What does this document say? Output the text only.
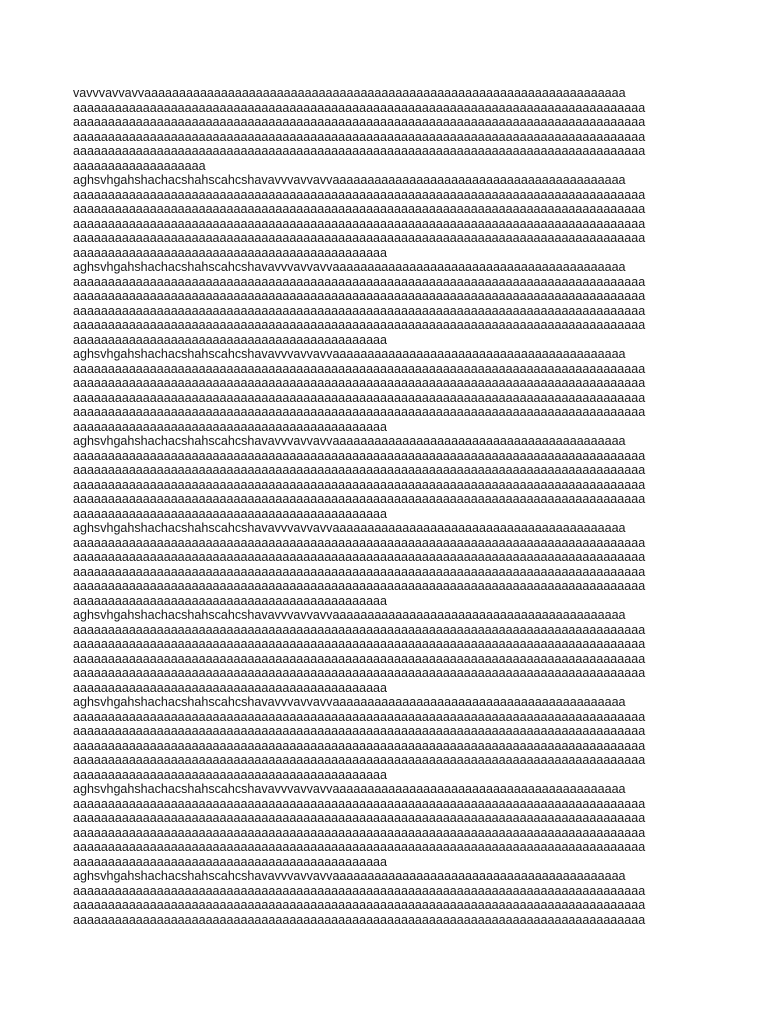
vavvvavvavvaaaaaaaaaaaaaaaaaaaaaaaaaaaaaaaaaaaaaaaaaaaaaaaaaaaaaaaaaaaaaaaaaaaaa
aaaaaaaaaaaaaaaaaaaaaaaaaaaaaaaaaaaaaaaaaaaaaaaaaaaaaaaaaaaaaaaaaaaaaaaaaaaaaaaaaa
aaaaaaaaaaaaaaaaaaaaaaaaaaaaaaaaaaaaaaaaaaaaaaaaaaaaaaaaaaaaaaaaaaaaaaaaaaaaaaaaaa
aaaaaaaaaaaaaaaaaaaaaaaaaaaaaaaaaaaaaaaaaaaaaaaaaaaaaaaaaaaaaaaaaaaaaaaaaaaaaaaaaa
aaaaaaaaaaaaaaaaaaaaaaaaaaaaaaaaaaaaaaaaaaaaaaaaaaaaaaaaaaaaaaaaaaaaaaaaaaaaaaaaaa
aaaaaaaaaaaaaaaaaaa
aghsvhgahshachacshahscahcshavavvvavvavvaaaaaaaaaaaaaaaaaaaaaaaaaaaaaaaaaaaaaaaaaa
aaaaaaaaaaaaaaaaaaaaaaaaaaaaaaaaaaaaaaaaaaaaaaaaaaaaaaaaaaaaaaaaaaaaaaaaaaaaaaaaaa
aaaaaaaaaaaaaaaaaaaaaaaaaaaaaaaaaaaaaaaaaaaaaaaaaaaaaaaaaaaaaaaaaaaaaaaaaaaaaaaaaa
aaaaaaaaaaaaaaaaaaaaaaaaaaaaaaaaaaaaaaaaaaaaaaaaaaaaaaaaaaaaaaaaaaaaaaaaaaaaaaaaaa
aaaaaaaaaaaaaaaaaaaaaaaaaaaaaaaaaaaaaaaaaaaaaaaaaaaaaaaaaaaaaaaaaaaaaaaaaaaaaaaaaa
aaaaaaaaaaaaaaaaaaaaaaaaaaaaaaaaaaaaaaaaaaaaa
aghsvhgahshachacshahscahcshavavvvavvavvaaaaaaaaaaaaaaaaaaaaaaaaaaaaaaaaaaaaaaaaaa
aaaaaaaaaaaaaaaaaaaaaaaaaaaaaaaaaaaaaaaaaaaaaaaaaaaaaaaaaaaaaaaaaaaaaaaaaaaaaaaaaa
aaaaaaaaaaaaaaaaaaaaaaaaaaaaaaaaaaaaaaaaaaaaaaaaaaaaaaaaaaaaaaaaaaaaaaaaaaaaaaaaaa
aaaaaaaaaaaaaaaaaaaaaaaaaaaaaaaaaaaaaaaaaaaaaaaaaaaaaaaaaaaaaaaaaaaaaaaaaaaaaaaaaa
aaaaaaaaaaaaaaaaaaaaaaaaaaaaaaaaaaaaaaaaaaaaaaaaaaaaaaaaaaaaaaaaaaaaaaaaaaaaaaaaaa
aaaaaaaaaaaaaaaaaaaaaaaaaaaaaaaaaaaaaaaaaaaaa
aghsvhgahshachacshahscahcshavavvvavvavvaaaaaaaaaaaaaaaaaaaaaaaaaaaaaaaaaaaaaaaaaa
aaaaaaaaaaaaaaaaaaaaaaaaaaaaaaaaaaaaaaaaaaaaaaaaaaaaaaaaaaaaaaaaaaaaaaaaaaaaaaaaaa
aaaaaaaaaaaaaaaaaaaaaaaaaaaaaaaaaaaaaaaaaaaaaaaaaaaaaaaaaaaaaaaaaaaaaaaaaaaaaaaaaa
aaaaaaaaaaaaaaaaaaaaaaaaaaaaaaaaaaaaaaaaaaaaaaaaaaaaaaaaaaaaaaaaaaaaaaaaaaaaaaaaaa
aaaaaaaaaaaaaaaaaaaaaaaaaaaaaaaaaaaaaaaaaaaaaaaaaaaaaaaaaaaaaaaaaaaaaaaaaaaaaaaaaa
aaaaaaaaaaaaaaaaaaaaaaaaaaaaaaaaaaaaaaaaaaaaa
aghsvhgahshachacshahscahcshavavvvavvavvaaaaaaaaaaaaaaaaaaaaaaaaaaaaaaaaaaaaaaaaaa
aaaaaaaaaaaaaaaaaaaaaaaaaaaaaaaaaaaaaaaaaaaaaaaaaaaaaaaaaaaaaaaaaaaaaaaaaaaaaaaaaa
aaaaaaaaaaaaaaaaaaaaaaaaaaaaaaaaaaaaaaaaaaaaaaaaaaaaaaaaaaaaaaaaaaaaaaaaaaaaaaaaaa
aaaaaaaaaaaaaaaaaaaaaaaaaaaaaaaaaaaaaaaaaaaaaaaaaaaaaaaaaaaaaaaaaaaaaaaaaaaaaaaaaa
aaaaaaaaaaaaaaaaaaaaaaaaaaaaaaaaaaaaaaaaaaaaaaaaaaaaaaaaaaaaaaaaaaaaaaaaaaaaaaaaaa
aaaaaaaaaaaaaaaaaaaaaaaaaaaaaaaaaaaaaaaaaaaaa
aghsvhgahshachacshahscahcshavavvvavvavvaaaaaaaaaaaaaaaaaaaaaaaaaaaaaaaaaaaaaaaaaa
aaaaaaaaaaaaaaaaaaaaaaaaaaaaaaaaaaaaaaaaaaaaaaaaaaaaaaaaaaaaaaaaaaaaaaaaaaaaaaaaaa
aaaaaaaaaaaaaaaaaaaaaaaaaaaaaaaaaaaaaaaaaaaaaaaaaaaaaaaaaaaaaaaaaaaaaaaaaaaaaaaaaa
aaaaaaaaaaaaaaaaaaaaaaaaaaaaaaaaaaaaaaaaaaaaaaaaaaaaaaaaaaaaaaaaaaaaaaaaaaaaaaaaaa
aaaaaaaaaaaaaaaaaaaaaaaaaaaaaaaaaaaaaaaaaaaaaaaaaaaaaaaaaaaaaaaaaaaaaaaaaaaaaaaaaa
aaaaaaaaaaaaaaaaaaaaaaaaaaaaaaaaaaaaaaaaaaaaa
aghsvhgahshachacshahscahcshavavvvavvavvaaaaaaaaaaaaaaaaaaaaaaaaaaaaaaaaaaaaaaaaaa
aaaaaaaaaaaaaaaaaaaaaaaaaaaaaaaaaaaaaaaaaaaaaaaaaaaaaaaaaaaaaaaaaaaaaaaaaaaaaaaaaa
aaaaaaaaaaaaaaaaaaaaaaaaaaaaaaaaaaaaaaaaaaaaaaaaaaaaaaaaaaaaaaaaaaaaaaaaaaaaaaaaaa
aaaaaaaaaaaaaaaaaaaaaaaaaaaaaaaaaaaaaaaaaaaaaaaaaaaaaaaaaaaaaaaaaaaaaaaaaaaaaaaaaa
aaaaaaaaaaaaaaaaaaaaaaaaaaaaaaaaaaaaaaaaaaaaaaaaaaaaaaaaaaaaaaaaaaaaaaaaaaaaaaaaaa
aaaaaaaaaaaaaaaaaaaaaaaaaaaaaaaaaaaaaaaaaaaaa
aghsvhgahshachacshahscahcshavavvvavvavvaaaaaaaaaaaaaaaaaaaaaaaaaaaaaaaaaaaaaaaaaa
aaaaaaaaaaaaaaaaaaaaaaaaaaaaaaaaaaaaaaaaaaaaaaaaaaaaaaaaaaaaaaaaaaaaaaaaaaaaaaaaaa
aaaaaaaaaaaaaaaaaaaaaaaaaaaaaaaaaaaaaaaaaaaaaaaaaaaaaaaaaaaaaaaaaaaaaaaaaaaaaaaaaa
aaaaaaaaaaaaaaaaaaaaaaaaaaaaaaaaaaaaaaaaaaaaaaaaaaaaaaaaaaaaaaaaaaaaaaaaaaaaaaaaaa
aaaaaaaaaaaaaaaaaaaaaaaaaaaaaaaaaaaaaaaaaaaaaaaaaaaaaaaaaaaaaaaaaaaaaaaaaaaaaaaaaa
aaaaaaaaaaaaaaaaaaaaaaaaaaaaaaaaaaaaaaaaaaaaa
aghsvhgahshachacshahscahcshavavvvavvavvaaaaaaaaaaaaaaaaaaaaaaaaaaaaaaaaaaaaaaaaaa
aaaaaaaaaaaaaaaaaaaaaaaaaaaaaaaaaaaaaaaaaaaaaaaaaaaaaaaaaaaaaaaaaaaaaaaaaaaaaaaaaa
aaaaaaaaaaaaaaaaaaaaaaaaaaaaaaaaaaaaaaaaaaaaaaaaaaaaaaaaaaaaaaaaaaaaaaaaaaaaaaaaaa
aaaaaaaaaaaaaaaaaaaaaaaaaaaaaaaaaaaaaaaaaaaaaaaaaaaaaaaaaaaaaaaaaaaaaaaaaaaaaaaaaa
aaaaaaaaaaaaaaaaaaaaaaaaaaaaaaaaaaaaaaaaaaaaaaaaaaaaaaaaaaaaaaaaaaaaaaaaaaaaaaaaaa
aaaaaaaaaaaaaaaaaaaaaaaaaaaaaaaaaaaaaaaaaaaaa
aghsvhgahshachacshahscahcshavavvvavvavvaaaaaaaaaaaaaaaaaaaaaaaaaaaaaaaaaaaaaaaaaa
aaaaaaaaaaaaaaaaaaaaaaaaaaaaaaaaaaaaaaaaaaaaaaaaaaaaaaaaaaaaaaaaaaaaaaaaaaaaaaaaaa
aaaaaaaaaaaaaaaaaaaaaaaaaaaaaaaaaaaaaaaaaaaaaaaaaaaaaaaaaaaaaaaaaaaaaaaaaaaaaaaaaa
aaaaaaaaaaaaaaaaaaaaaaaaaaaaaaaaaaaaaaaaaaaaaaaaaaaaaaaaaaaaaaaaaaaaaaaaaaaaaaaaaa
